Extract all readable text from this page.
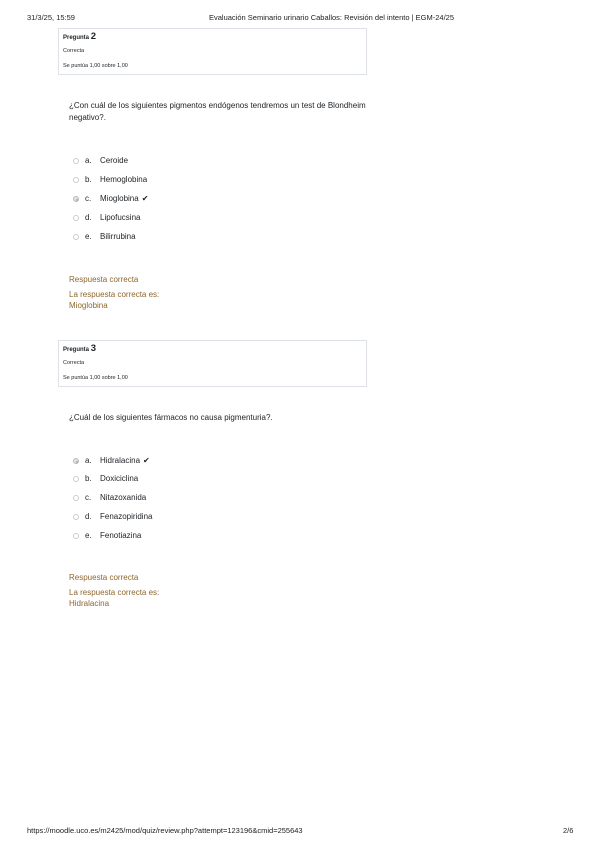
31/3/25, 15:59	Evaluación Seminario urinario Caballos: Revisión del intento | EGM-24/25
Pregunta 2
Correcta
Se puntúa 1,00 sobre 1,00
¿Con cuál de los siguientes pigmentos endógenos tendremos un test de Blondheim negativo?.
a. Ceroide
b. Hemoglobina
c. Mioglobina ✔
d. Lipofucsina
e. Bilirrubina
Respuesta correcta
La respuesta correcta es:
Mioglobina
Pregunta 3
Correcta
Se puntúa 1,00 sobre 1,00
¿Cuál de los siguientes fármacos no causa pigmenturia?.
a. Hidralacina ✔
b. Doxiciclina
c. Nitazoxanida
d. Fenazopiridina
e. Fenotiazina
Respuesta correcta
La respuesta correcta es:
Hidralacina
https://moodle.uco.es/m2425/mod/quiz/review.php?attempt=123196&cmid=255643	2/6
